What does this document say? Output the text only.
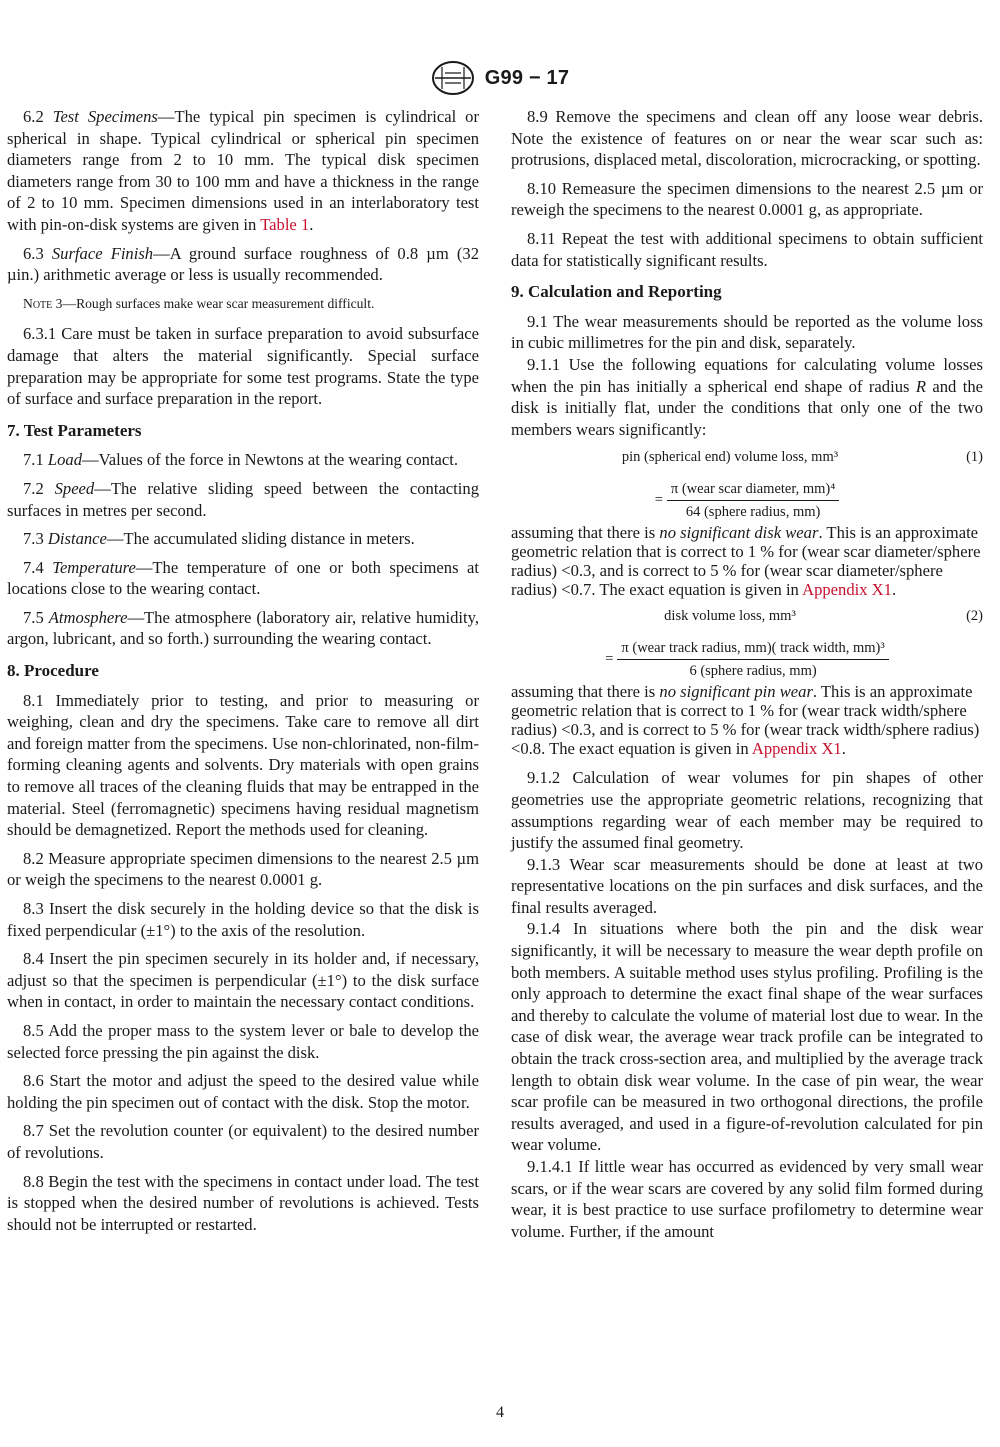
G99 − 17

6.2 Test Specimens—The typical pin specimen is cylindrical or spherical in shape. Typical cylindrical or spherical pin specimen diameters range from 2 to 10 mm. The typical disk specimen diameters range from 30 to 100 mm and have a thickness in the range of 2 to 10 mm. Specimen dimensions used in an interlaboratory test with pin-on-disk systems are given in Table 1.

6.3 Surface Finish—A ground surface roughness of 0.8 µm (32 µin.) arithmetic average or less is usually recommended.

Note 3—Rough surfaces make wear scar measurement difficult.

6.3.1 Care must be taken in surface preparation to avoid subsurface damage that alters the material significantly. Special surface preparation may be appropriate for some test programs. State the type of surface and surface preparation in the report.

7. Test Parameters

7.1 Load—Values of the force in Newtons at the wearing contact.

7.2 Speed—The relative sliding speed between the contacting surfaces in metres per second.

7.3 Distance—The accumulated sliding distance in meters.

7.4 Temperature—The temperature of one or both specimens at locations close to the wearing contact.

7.5 Atmosphere—The atmosphere (laboratory air, relative humidity, argon, lubricant, and so forth.) surrounding the wearing contact.

8. Procedure

8.1 Immediately prior to testing, and prior to measuring or weighing, clean and dry the specimens. Take care to remove all dirt and foreign matter from the specimens. Use non-chlorinated, non-film-forming cleaning agents and solvents. Dry materials with open grains to remove all traces of the cleaning fluids that may be entrapped in the material. Steel (ferromagnetic) specimens having residual magnetism should be demagnetized. Report the methods used for cleaning.

8.2 Measure appropriate specimen dimensions to the nearest 2.5 µm or weigh the specimens to the nearest 0.0001 g.

8.3 Insert the disk securely in the holding device so that the disk is fixed perpendicular (±1°) to the axis of the resolution.

8.4 Insert the pin specimen securely in its holder and, if necessary, adjust so that the specimen is perpendicular (±1°) to the disk surface when in contact, in order to maintain the necessary contact conditions.

8.5 Add the proper mass to the system lever or bale to develop the selected force pressing the pin against the disk.

8.6 Start the motor and adjust the speed to the desired value while holding the pin specimen out of contact with the disk. Stop the motor.

8.7 Set the revolution counter (or equivalent) to the desired number of revolutions.

8.8 Begin the test with the specimens in contact under load. The test is stopped when the desired number of revolutions is achieved. Tests should not be interrupted or restarted.

8.9 Remove the specimens and clean off any loose wear debris. Note the existence of features on or near the wear scar such as: protrusions, displaced metal, discoloration, microcracking, or spotting.

8.10 Remeasure the specimen dimensions to the nearest 2.5 µm or reweigh the specimens to the nearest 0.0001 g, as appropriate.

8.11 Repeat the test with additional specimens to obtain sufficient data for statistically significant results.

9. Calculation and Reporting

9.1 The wear measurements should be reported as the volume loss in cubic millimetres for the pin and disk, separately.

9.1.1 Use the following equations for calculating volume losses when the pin has initially a spherical end shape of radius R and the disk is initially flat, under the conditions that only one of the two members wears significantly:

pin (spherical end) volume loss, mm³	(1)
= $\frac{\text{π (wear scar diameter, mm)⁴}}{\text{64 (sphere radius, mm)}}$

assuming that there is no significant disk wear. This is an approximate geometric relation that is correct to 1 % for (wear scar diameter/sphere radius) <0.3, and is correct to 5 % for (wear scar diameter/sphere radius) <0.7. The exact equation is given in Appendix X1.

disk volume loss, mm³	(2)
= $\frac{\text{π (wear track radius, mm)( track width, mm)³}}{\text{6 (sphere radius, mm)}}$

assuming that there is no significant pin wear. This is an approximate geometric relation that is correct to 1 % for (wear track width/sphere radius) <0.3, and is correct to 5 % for (wear track width/sphere radius) <0.8. The exact equation is given in Appendix X1.

9.1.2 Calculation of wear volumes for pin shapes of other geometries use the appropriate geometric relations, recognizing that assumptions regarding wear of each member may be required to justify the assumed final geometry.

9.1.3 Wear scar measurements should be done at least at two representative locations on the pin surfaces and disk surfaces, and the final results averaged.

9.1.4 In situations where both the pin and the disk wear significantly, it will be necessary to measure the wear depth profile on both members. A suitable method uses stylus profiling. Profiling is the only approach to determine the exact final shape of the wear surfaces and thereby to calculate the volume of material lost due to wear. In the case of disk wear, the average wear track profile can be integrated to obtain the track cross-section area, and multiplied by the average track length to obtain disk wear volume. In the case of pin wear, the wear scar profile can be measured in two orthogonal directions, the profile results averaged, and used in a figure-of-revolution calculated for pin wear volume.

9.1.4.1 If little wear has occurred as evidenced by very small wear scars, or if the wear scars are covered by any solid film formed during wear, it is best practice to use surface profilometry to determine wear volume. Further, if the amount

4
